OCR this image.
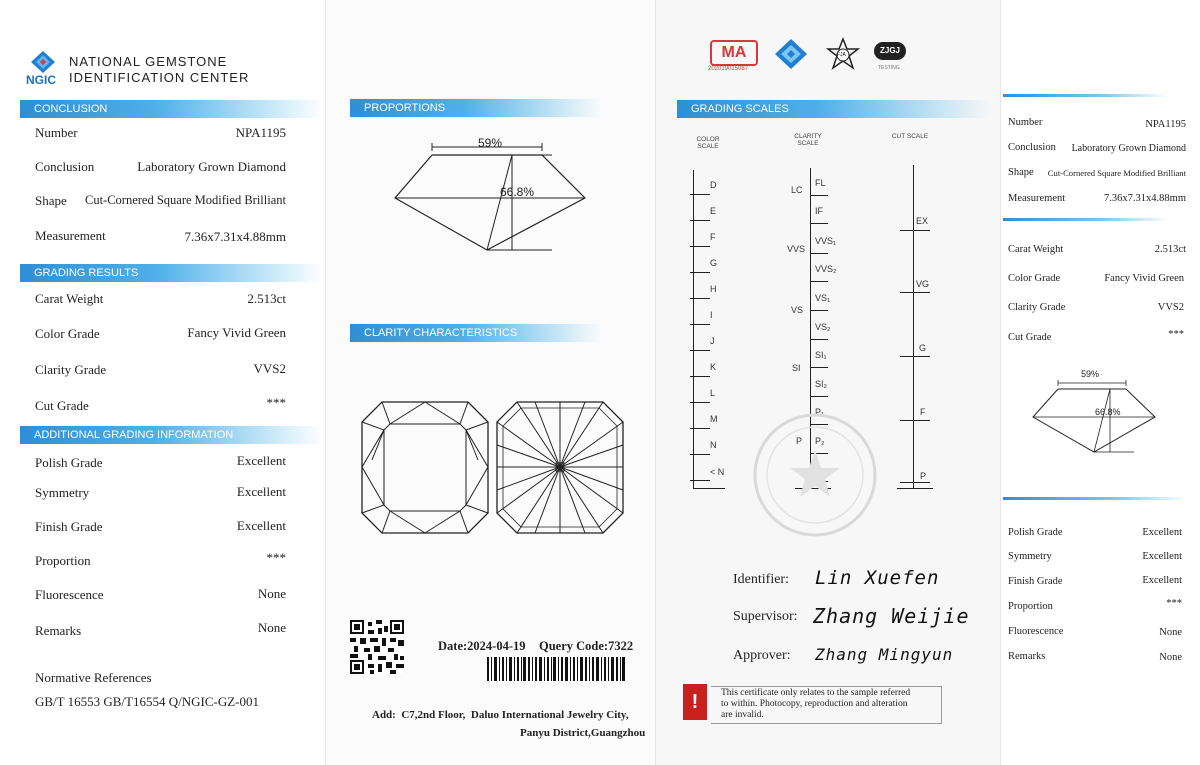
NGIC
NATIONAL GEMSTONE
IDENTIFICATION CENTER
CONCLUSION
Number	NPA1195
Conclusion	Laboratory Grown Diamond
Shape	Cut-Cornered Square Modified Brilliant
Measurement	7.36x7.31x4.88mm
GRADING RESULTS
Carat Weight	2.513ct
Color Grade	Fancy Vivid Green
Clarity Grade	VVS2
Cut Grade	***
ADDITIONAL GRADING INFORMATION
Polish Grade	Excellent
Symmetry	Excellent
Finish Grade	Excellent
Proportion	***
Fluorescence	None
Remarks	None
Normative References
GB/T 16553 GB/T16554 Q/NGIC-GZ-001
PROPORTIONS
59%
66.8%
CLARITY CHARACTERISTICS
Date:2024-04-19 Query Code:7322
Add:  C7,2nd Floor,  Daluo International Jewelry City,
Panyu District,Guangzhou
MA
202019015087
FJA	ZJGJ
TESTING
GRADING SCALES
COLOR SCALE
CLARITY SCALE
CUT SCALE
D
E
F
G
H
I
J
K
L
M
N
< N
LC
VVS
VS
SI
P
FL
IF
VVS₁
VVS₂
VS₁
VS₂
SI₁
SI₂
P₁
P₂
EX
VG
G
F
P
Identifier: Lin Xuefen
Supervisor: Zhang Weijie
Approver: Zhang Mingyun
!	This certificate only relates to the sample referred
to within. Photocopy, reproduction and alteration
are invalid.
Number	NPA1195
Conclusion	Laboratory Grown Diamond
Shape	Cut-Cornered Square Modified Brilliant
Measurement	7.36x7.31x4.88mm
Carat Weight	2.513ct
Color Grade	Fancy Vivid Green
Clarity Grade	VVS2
Cut Grade	***
59%
66.8%
Polish Grade	Excellent
Symmetry	Excellent
Finish Grade	Excellent
Proportion	***
Fluorescence	None
Remarks	None
